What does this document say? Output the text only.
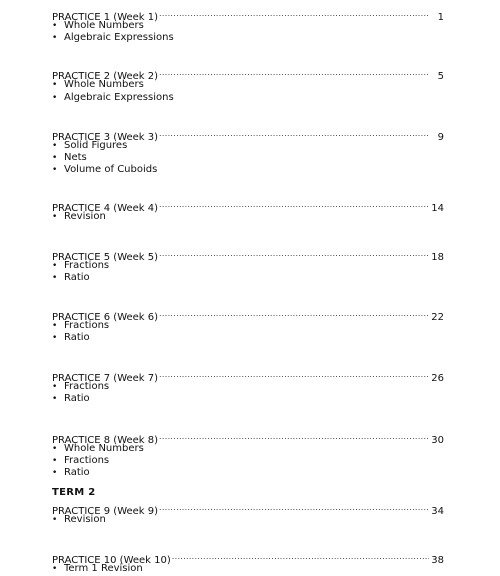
PRACTICE 1 (Week 1) .....	1
• Whole Numbers
• Algebraic Expressions
PRACTICE 2 (Week 2) .....	5
• Whole Numbers
• Algebraic Expressions
PRACTICE 3 (Week 3) .....	9
• Solid Figures
• Nets
• Volume of Cuboids
PRACTICE 4 (Week 4) .....	14
• Revision
PRACTICE 5 (Week 5) .....	18
• Fractions
• Ratio
PRACTICE 6 (Week 6) .....	22
• Fractions
• Ratio
PRACTICE 7 (Week 7) .....	26
• Fractions
• Ratio
PRACTICE 8 (Week 8) .....	30
• Whole Numbers
• Fractions
• Ratio
PRACTICE 9 (Week 9) .....	34
• Revision
PRACTICE 10 (Week 10) .....	38
• Term 1 Revision
TERM 2
